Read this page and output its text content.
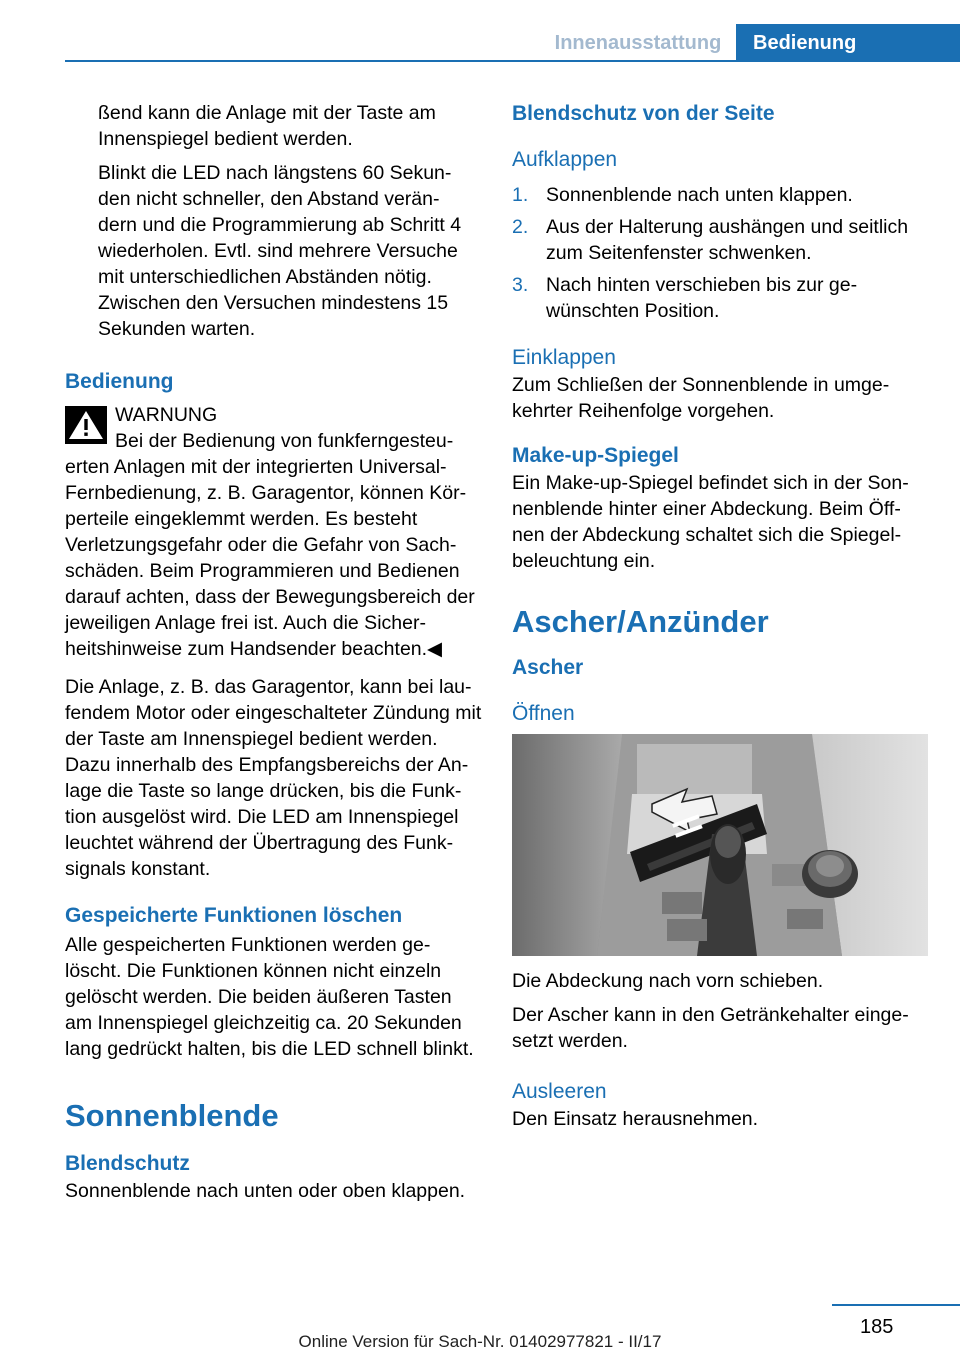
Innenausstattung	Bedienung

ßend kann die Anlage mit der Taste am Innenspiegel bedient werden.

Blinkt die LED nach längstens 60 Sekun‐ den nicht schneller, den Abstand verän‐ dern und die Programmierung ab Schritt 4 wiederholen. Evtl. sind mehrere Versuche mit unterschiedlichen Abständen nötig. Zwischen den Versuchen mindestens 15 Sekunden warten.

Bedienung

WARNUNG

Bei der Bedienung von funkferngesteu‐ erten Anlagen mit der integrierten Universal-Fernbedienung, z. B. Garagentor, können Kör‐ perteile eingeklemmt werden. Es besteht Verletzungsgefahr oder die Gefahr von Sach‐ schäden. Beim Programmieren und Bedienen darauf achten, dass der Bewegungsbereich der jeweiligen Anlage frei ist. Auch die Sicher‐ heitshinweise zum Handsender beachten.◀

Die Anlage, z. B. das Garagentor, kann bei lau‐ fendem Motor oder eingeschalteter Zündung mit der Taste am Innenspiegel bedient werden. Dazu innerhalb des Empfangsbereichs der An‐ lage die Taste so lange drücken, bis die Funk‐ tion ausgelöst wird. Die LED am Innenspiegel leuchtet während der Übertragung des Funk‐ signals konstant.

Gespeicherte Funktionen löschen

Alle gespeicherten Funktionen werden ge‐ löscht. Die Funktionen können nicht einzeln gelöscht werden. Die beiden äußeren Tasten am Innenspiegel gleichzeitig ca. 20 Sekunden lang gedrückt halten, bis die LED schnell blinkt.

Sonnenblende
Blendschutz

Sonnenblende nach unten oder oben klappen.

Blendschutz von der Seite
Aufklappen
1. Sonnenblende nach unten klappen.
2. Aus der Halterung aushängen und seitlich zum Seitenfenster schwenken.
3. Nach hinten verschieben bis zur ge‐ wünschten Position.
Einklappen

Zum Schließen der Sonnenblende in umge‐ kehrter Reihenfolge vorgehen.

Make-up-Spiegel

Ein Make-up-Spiegel befindet sich in der Son‐ nenblende hinter einer Abdeckung. Beim Öff‐ nen der Abdeckung schaltet sich die Spiegel‐ beleuchtung ein.

Ascher/Anzünder
Ascher
Öffnen

Die Abdeckung nach vorn schieben.

Der Ascher kann in den Getränkehalter einge‐ setzt werden.

Ausleeren

Den Einsatz herausnehmen.

185
Online Version für Sach-Nr. 01402977821 - II/17
